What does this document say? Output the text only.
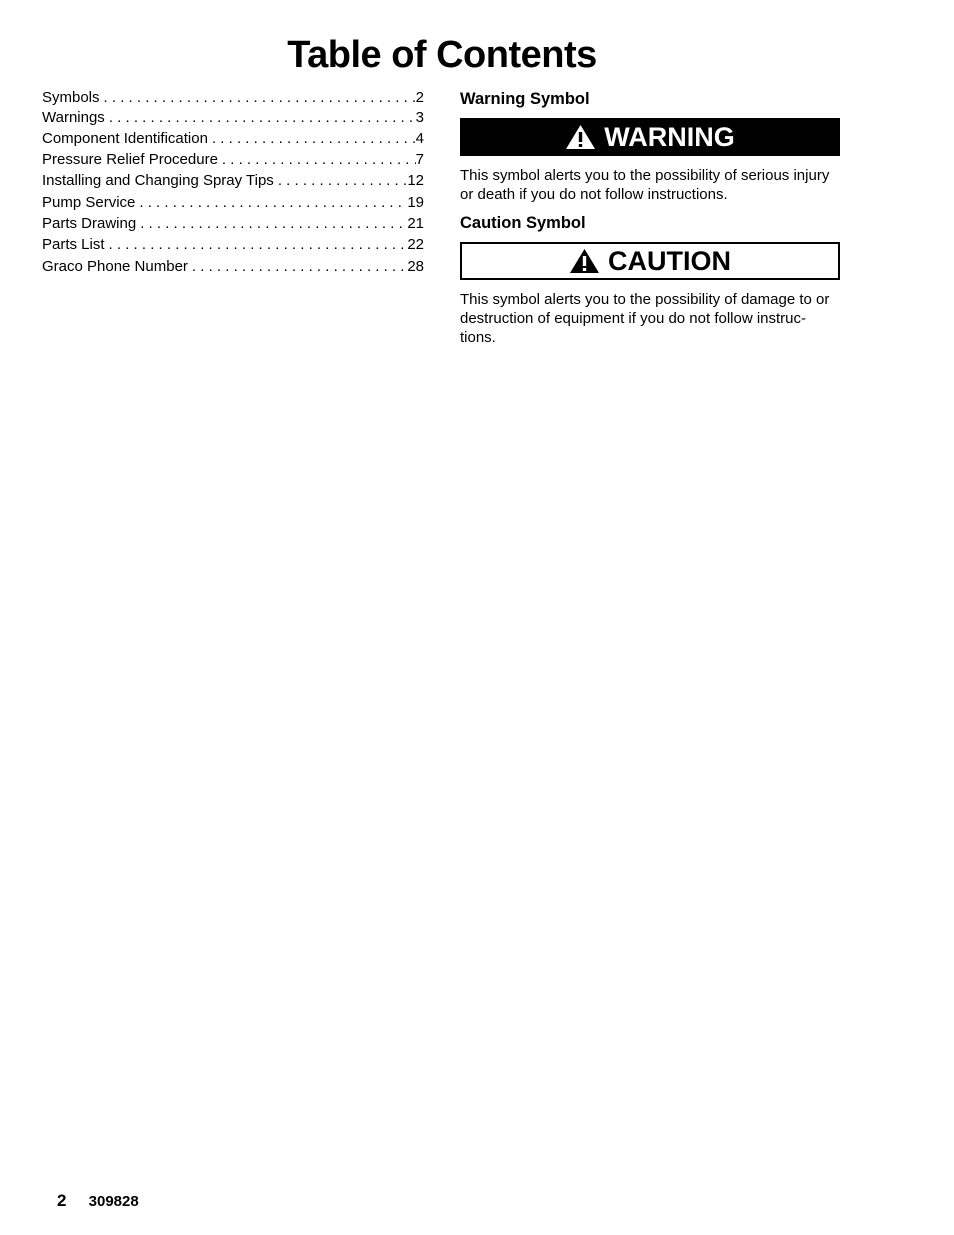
Table of Contents
Symbols . . .	2
Warnings . . .	3
Component Identification . . .	4
Pressure Relief Procedure . . .	7
Installing and Changing Spray Tips . . .	12
Pump Service . . .	19
Parts Drawing . . .	21
Parts List . . .	22
Graco Phone Number . . .	28
Warning Symbol
WARNING

This symbol alerts you to the possibility of serious injury or death if you do not follow instructions.

Caution Symbol
CAUTION

This symbol alerts you to the possibility of damage to or destruction of equipment if you do not follow instruc- tions.

2 309828
